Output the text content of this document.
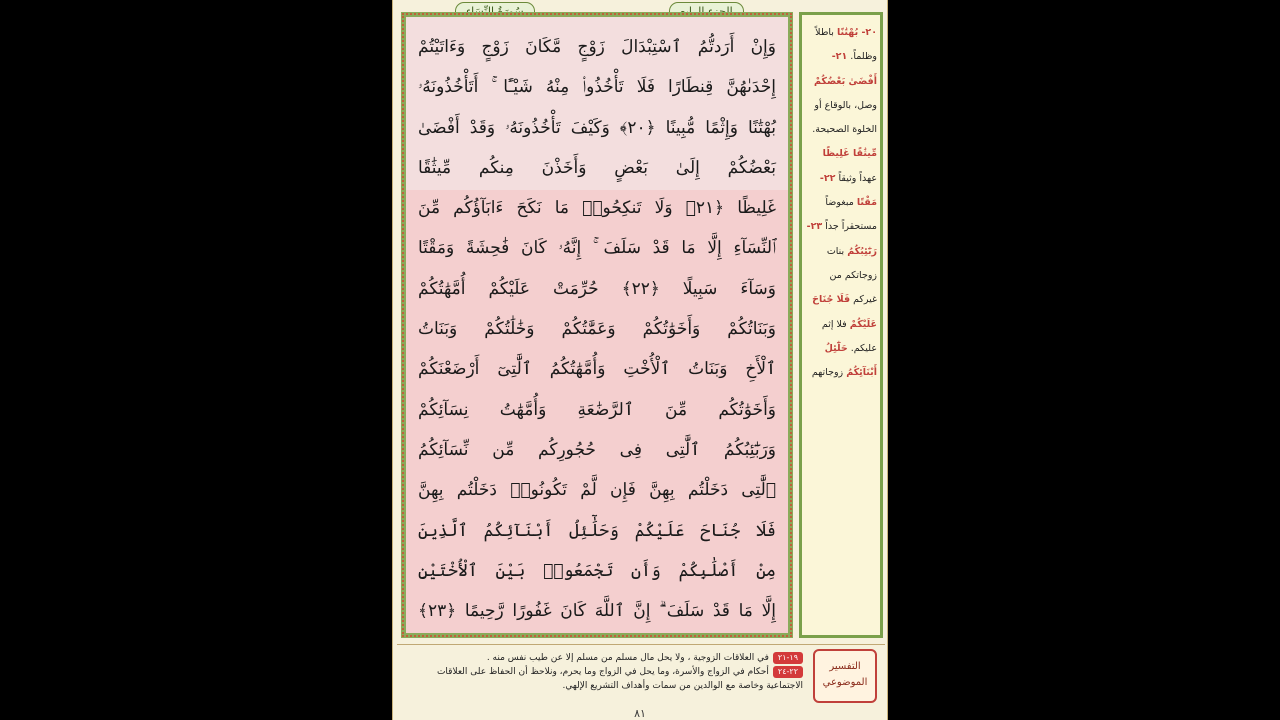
وَإِنْ أَرَدتُّمُ ٱسْتِبْدَالَ زَوْجٍ مَّكَانَ زَوْجٍ وَءَاتَيْتُمْ
إِحْدَىٰهُنَّ قِنطَارًا فَلَا تَأْخُذُوا۟ مِنْهُ شَيْـًٔا ۚ أَتَأْخُذُونَهُۥ
بُهْتَٰنًا وَإِثْمًا مُّبِينًا ﴿٢٠﴾ وَكَيْفَ تَأْخُذُونَهُۥ وَقَدْ أَفْضَىٰ
بَعْضُكُمْ إِلَىٰ بَعْضٍ وَأَخَذْنَ مِنكُم مِّيثَٰقًا
غَلِيظًا ﴿٢١﴾ وَلَا تَنكِحُوا۟ مَا نَكَحَ ءَابَآؤُكُم مِّنَ
ٱلنِّسَآءِ إِلَّا مَا قَدْ سَلَفَ ۚ إِنَّهُۥ كَانَ فَٰحِشَةً وَمَقْتًا
وَسَآءَ سَبِيلًا ﴿٢٢﴾ حُرِّمَتْ عَلَيْكُمْ أُمَّهَٰتُكُمْ
وَبَنَاتُكُمْ وَأَخَوَٰتُكُمْ وَعَمَّٰتُكُمْ وَخَٰلَٰتُكُمْ وَبَنَاتُ
ٱلْأَخِ وَبَنَاتُ ٱلْأُخْتِ وَأُمَّهَٰتُكُمُ ٱلَّٰتِىٓ أَرْضَعْنَكُمْ
وَأَخَوَٰتُكُم مِّنَ ٱلرَّضَٰعَةِ وَأُمَّهَٰتُ نِسَآئِكُمْ
وَرَبَٰٓئِبُكُمُ ٱلَّٰتِى فِى حُجُورِكُم مِّن نِّسَآئِكُمُ
ٱلَّٰتِى دَخَلْتُم بِهِنَّ فَإِن لَّمْ تَكُونُوا۟ دَخَلْتُم بِهِنَّ
فَلَا جُنَاحَ عَلَيْكُمْ وَحَلَٰٓئِلُ أَبْنَآئِكُمُ ٱلَّذِينَ
مِنْ أَصْلَٰبِكُمْ وَأَن تَجْمَعُوا۟ بَيْنَ ٱلْأُخْتَيْنِ
إِلَّا مَا قَدْ سَلَفَ ۗ إِنَّ ٱللَّهَ كَانَ غَفُورًا رَّحِيمًا ﴿٢٣﴾
٢٠- بُهْتَٰنًا باطلاً وظلماً. ٢١- أَفْضَىٰ بَعْضُكُمْ وصل، بالوقاع أو الخلوة الصحيحة. مِّيثَٰقًا غَلِيظًا عهداً وثيقاً ٢٢- مَقْتًا مبغوضاً مستحقراً جداً ٢٣- رَبَٰٓئِبُكُمُ بنات زوجاتكم من غيركم فَلَا جُنَاحَ عَلَيْكُمْ فلا إثم عليكم. حَلَٰٓئِلُ أَبْنَآئِكُمُ زوجاتهم
١٩-٢١في العلاقات الزوجية ، ولا يحل مال مسلم من مسلم إلا عن طيب نفس منه .
٢٢-٢٤أحكام في الزواج والأسرة، وما يحل في الزواج وما يحرم، ونلاحظ أن الحفاظ على العلاقات
الاجتماعية وخاصة مع الوالدين من سمات وأهداف التشريع الإلهي.
التفسير
الموضوعي
٨١
